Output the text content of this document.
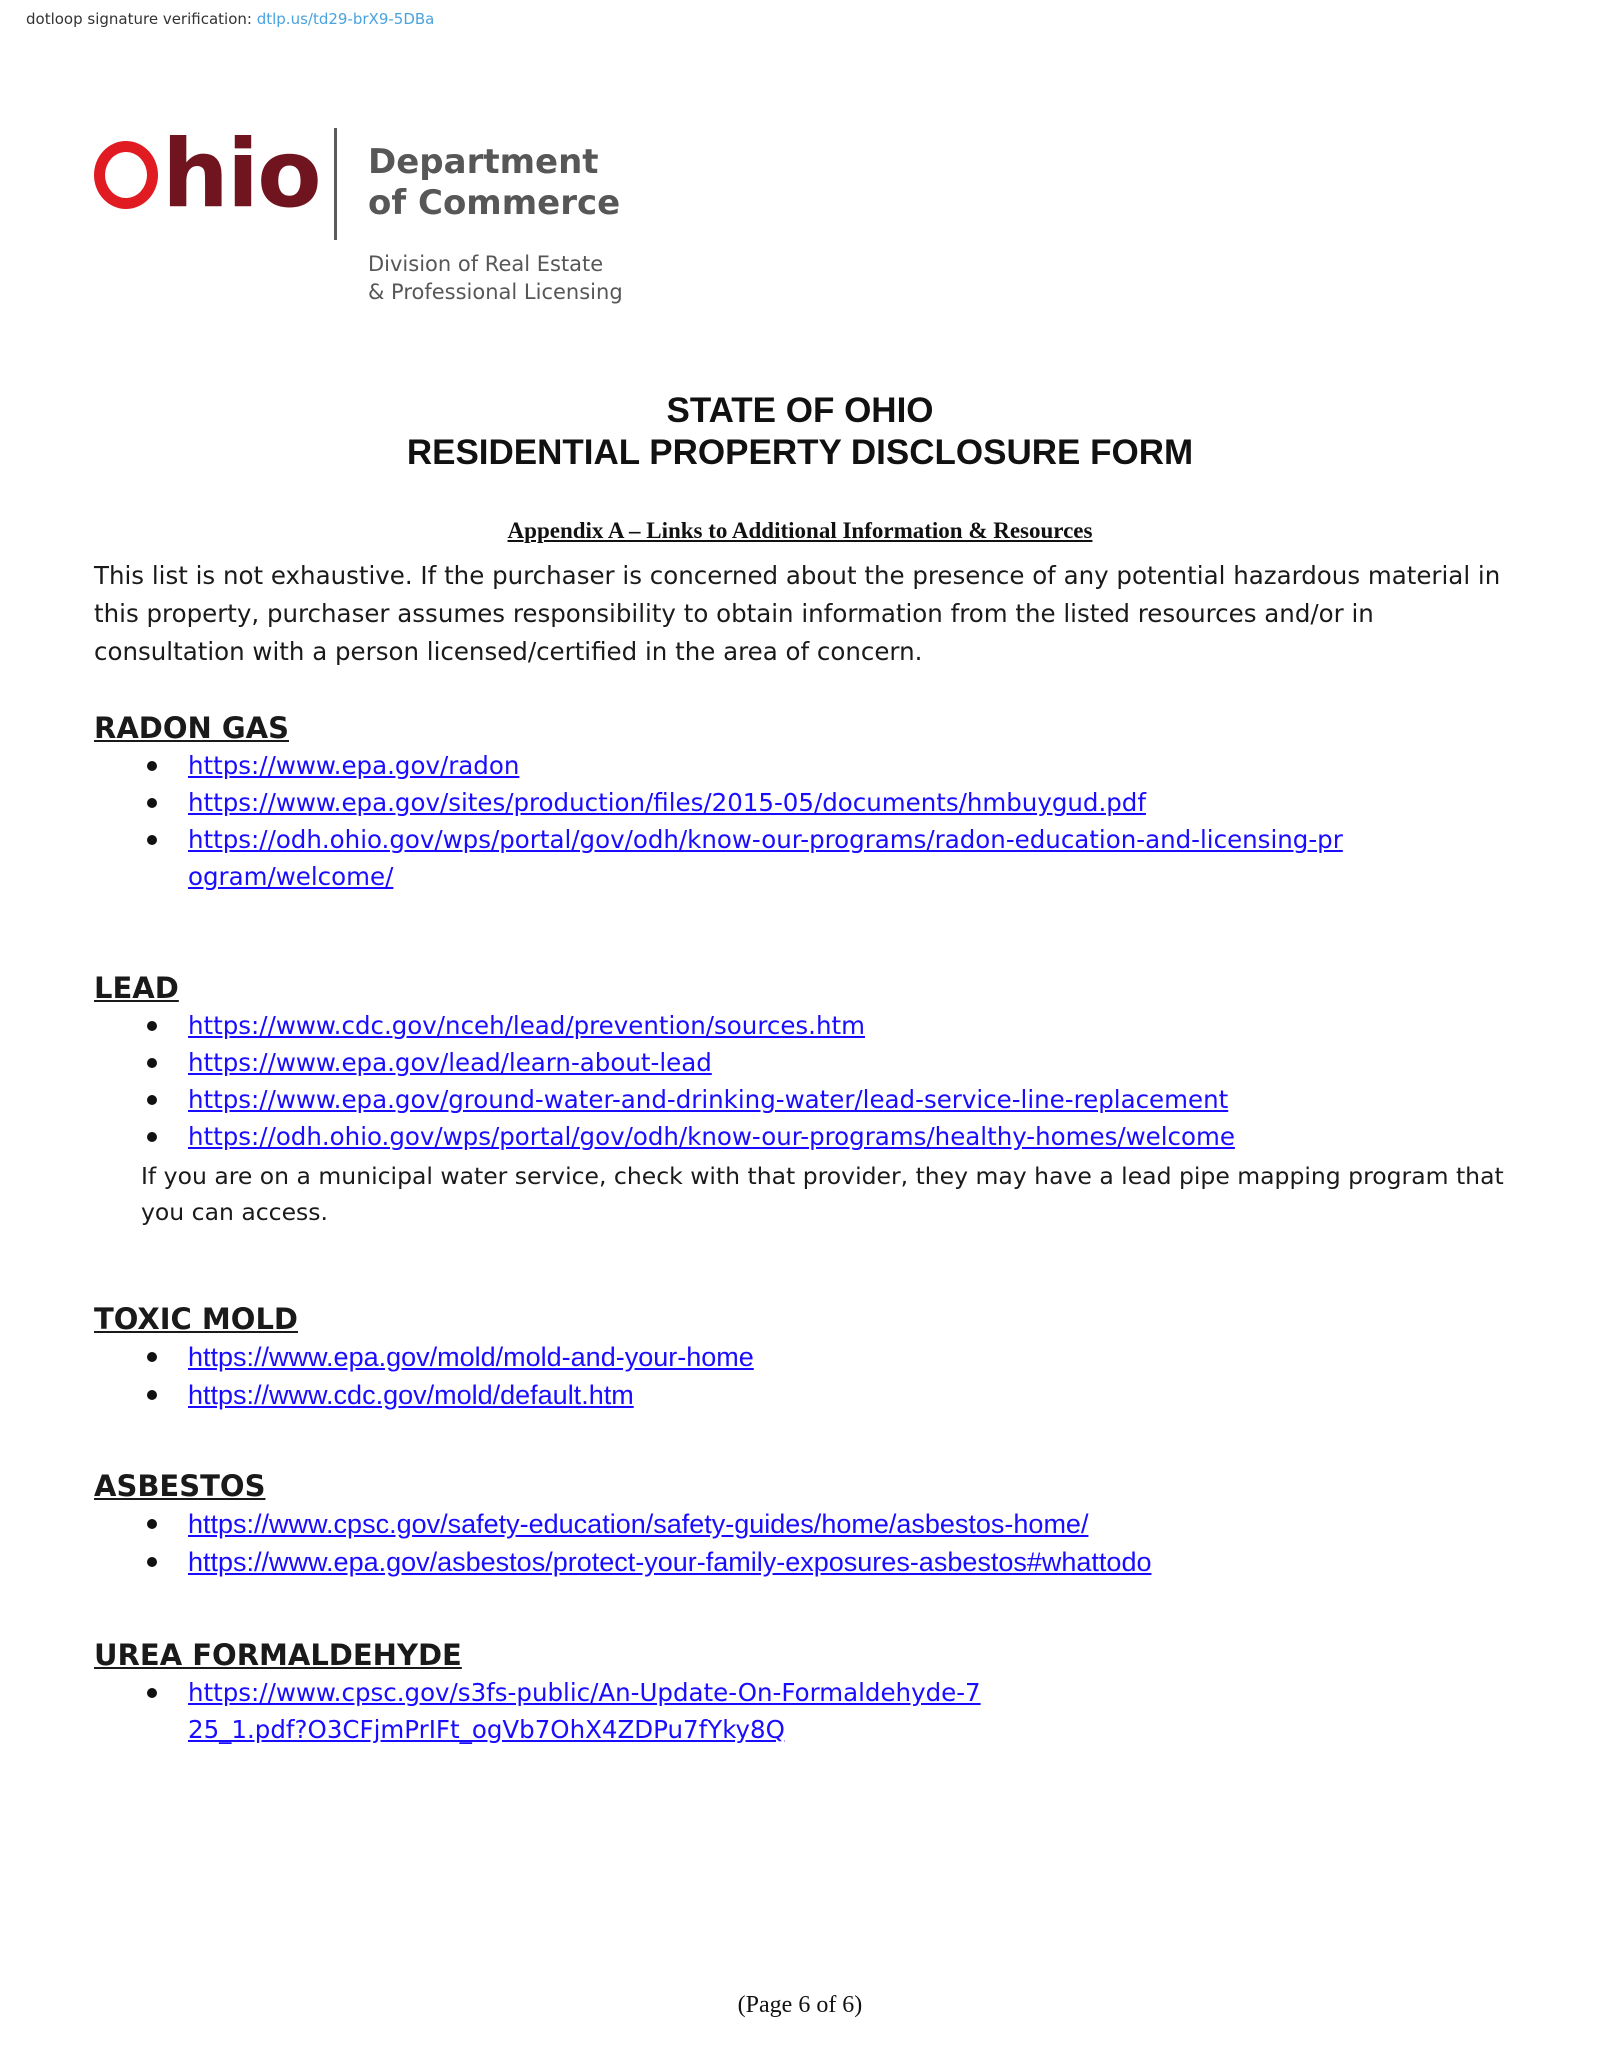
dotloop signature verification: dtlp.us/td29-brX9-5DBa
hio Department
of Commerce
Division of Real Estate
& Professional Licensing
STATE OF OHIO
RESIDENTIAL PROPERTY DISCLOSURE FORM
Appendix A – Links to Additional Information & Resources
This list is not exhaustive. If the purchaser is concerned about the presence of any potential hazardous material in this property, purchaser assumes responsibility to obtain information from the listed resources and/or in consultation with a person licensed/certified in the area of concern.
RADON GAS
https://www.epa.gov/radon
https://www.epa.gov/sites/production/files/2015-05/documents/hmbuygud.pdf
https://odh.ohio.gov/wps/portal/gov/odh/know-our-programs/radon-education-and-licensing-program/welcome/
LEAD
https://www.cdc.gov/nceh/lead/prevention/sources.htm
https://www.epa.gov/lead/learn-about-lead
https://www.epa.gov/ground-water-and-drinking-water/lead-service-line-replacement
https://odh.ohio.gov/wps/portal/gov/odh/know-our-programs/healthy-homes/welcome
If you are on a municipal water service, check with that provider, they may have a lead pipe mapping program that you can access.
TOXIC MOLD
https://www.epa.gov/mold/mold-and-your-home
https://www.cdc.gov/mold/default.htm
ASBESTOS
https://www.cpsc.gov/safety-education/safety-guides/home/asbestos-home/
https://www.epa.gov/asbestos/protect-your-family-exposures-asbestos#whattodo
UREA FORMALDEHYDE
https://www.cpsc.gov/s3fs-public/An-Update-On-Formaldehyde-725_1.pdf?O3CFjmPrIFt_ogVb7OhX4ZDPu7fYky8Q
(Page 6 of 6)
